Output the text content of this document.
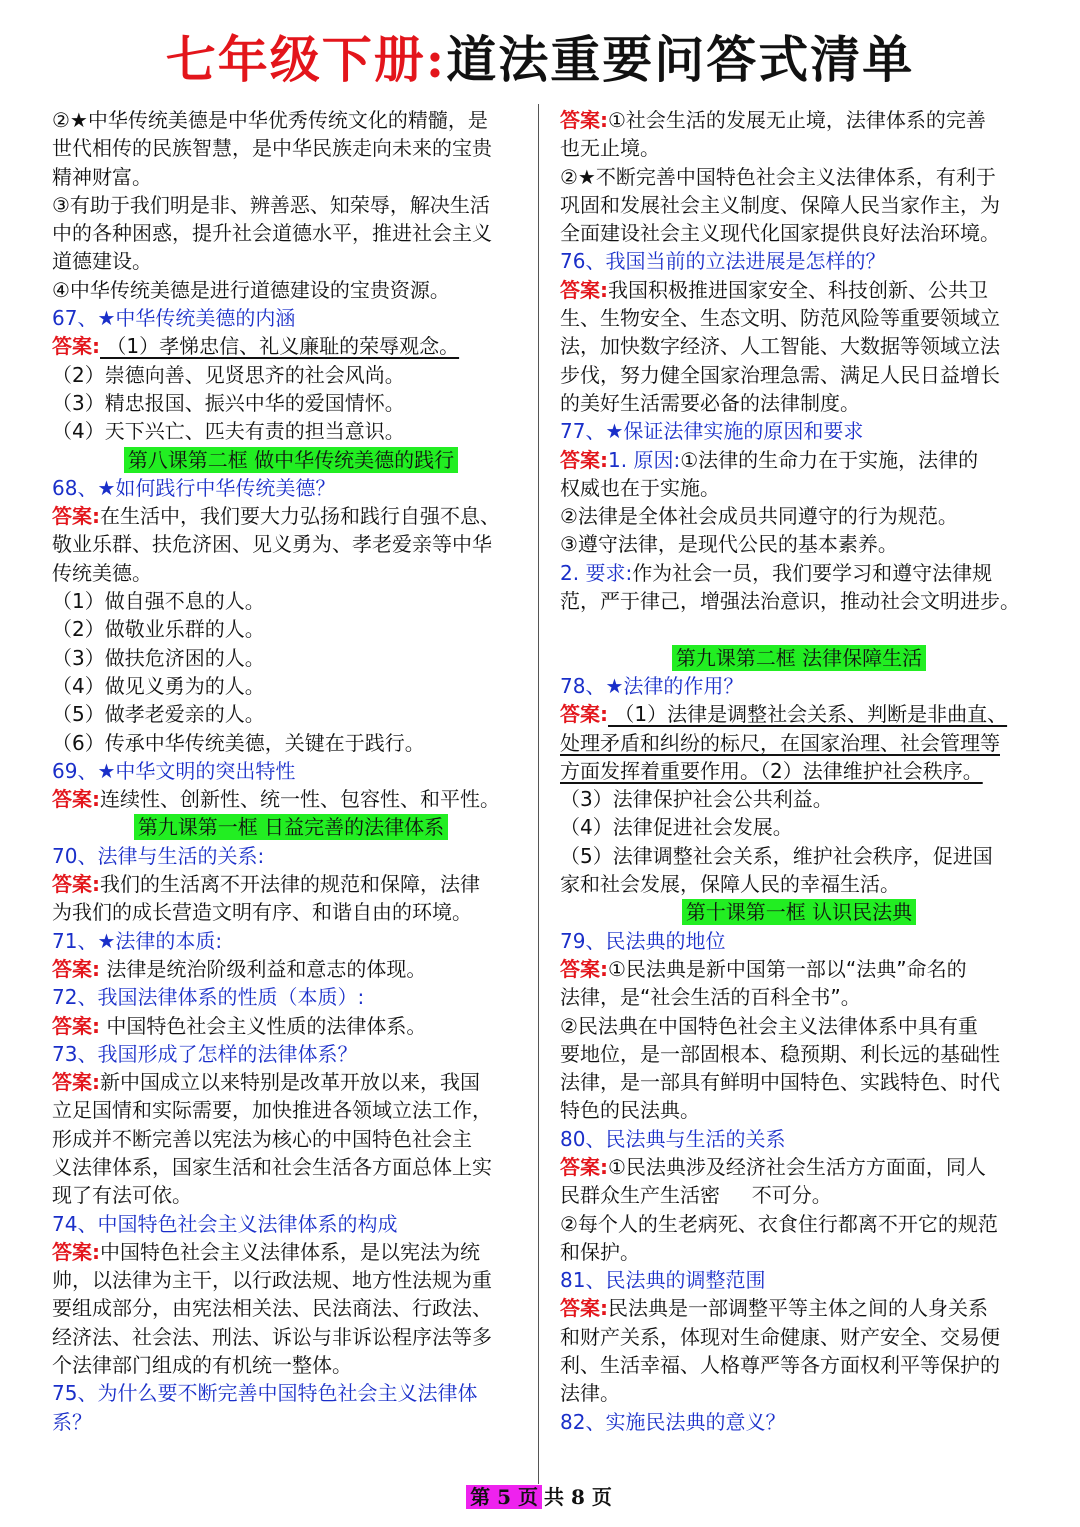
七年级下册:道法重要问答式清单
②★中华传统美德是中华优秀传统文化的精髓，是
世代相传的民族智慧，是中华民族走向未来的宝贵
精神财富。
③有助于我们明是非、辨善恶、知荣辱，解决生活
中的各种困惑，提升社会道德水平，推进社会主义
道德建设。
④中华传统美德是进行道德建设的宝贵资源。
67、★中华传统美德的内涵
答案: （1）孝悌忠信、礼义廉耻的荣辱观念。
（2）崇德向善、见贤思齐的社会风尚。
（3）精忠报国、振兴中华的爱国情怀。
（4）天下兴亡、匹夫有责的担当意识。
第八课第二框 做中华传统美德的践行
68、★如何践行中华传统美德？
答案:在生活中，我们要大力弘扬和践行自强不息、
敬业乐群、扶危济困、见义勇为、孝老爱亲等中华
传统美德。
（1）做自强不息的人。
（2）做敬业乐群的人。
（3）做扶危济困的人。
（4）做见义勇为的人。
（5）做孝老爱亲的人。
（6）传承中华传统美德，关键在于践行。
69、★中华文明的突出特性
答案:连续性、创新性、统一性、包容性、和平性。
第九课第一框 日益完善的法律体系
70、法律与生活的关系:
答案:我们的生活离不开法律的规范和保障，法律
为我们的成长营造文明有序、和谐自由的环境。
71、★法律的本质:
答案: 法律是统治阶级利益和意志的体现。
72、我国法律体系的性质（本质）:
答案: 中国特色社会主义性质的法律体系。
73、我国形成了怎样的法律体系？
答案:新中国成立以来特别是改革开放以来，我国
立足国情和实际需要，加快推进各领域立法工作，
形成并不断完善以宪法为核心的中国特色社会主
义法律体系，国家生活和社会生活各方面总体上实
现了有法可依。
74、中国特色社会主义法律体系的构成
答案:中国特色社会主义法律体系，是以宪法为统
帅，以法律为主干，以行政法规、地方性法规为重
要组成部分，由宪法相关法、民法商法、行政法、
经济法、社会法、刑法、诉讼与非诉讼程序法等多
个法律部门组成的有机统一整体。
75、为什么要不断完善中国特色社会主义法律体
系？
答案:①社会生活的发展无止境，法律体系的完善
也无止境。
②★不断完善中国特色社会主义法律体系，有利于
巩固和发展社会主义制度、保障人民当家作主，为
全面建设社会主义现代化国家提供良好法治环境。
76、我国当前的立法进展是怎样的？
答案:我国积极推进国家安全、科技创新、公共卫
生、生物安全、生态文明、防范风险等重要领域立
法，加快数字经济、人工智能、大数据等领域立法
步伐，努力健全国家治理急需、满足人民日益增长
的美好生活需要必备的法律制度。
77、★保证法律实施的原因和要求
答案:1. 原因:①法律的生命力在于实施，法律的
权威也在于实施。
②法律是全体社会成员共同遵守的行为规范。
③遵守法律，是现代公民的基本素养。
2. 要求:作为社会一员，我们要学习和遵守法律规
范，严于律己，增强法治意识，推动社会文明进步。
第九课第二框 法律保障生活
78、★法律的作用？
答案: （1）法律是调整社会关系、判断是非曲直、
处理矛盾和纠纷的标尺，在国家治理、社会管理等
方面发挥着重要作用。（2）法律维护社会秩序。
（3）法律保护社会公共利益。
（4）法律促进社会发展。
（5）法律调整社会关系，维护社会秩序，促进国
家和社会发展，保障人民的幸福生活。
第十课第一框 认识民法典
79、民法典的地位
答案:①民法典是新中国第一部以“法典”命名的
法律，是“社会生活的百科全书”。
②民法典在中国特色社会主义法律体系中具有重
要地位，是一部固根本、稳预期、利长远的基础性
法律，是一部具有鲜明中国特色、实践特色、时代
特色的民法典。
80、民法典与生活的关系
答案:①民法典涉及经济社会生活方方面面，同人
民群众生产生活密     不可分。
②每个人的生老病死、衣食住行都离不开它的规范
和保护。
81、民法典的调整范围
答案:民法典是一部调整平等主体之间的人身关系
和财产关系，体现对生命健康、财产安全、交易便
利、生活幸福、人格尊严等各方面权利平等保护的
法律。
82、实施民法典的意义？
第 5 页 共 8 页
